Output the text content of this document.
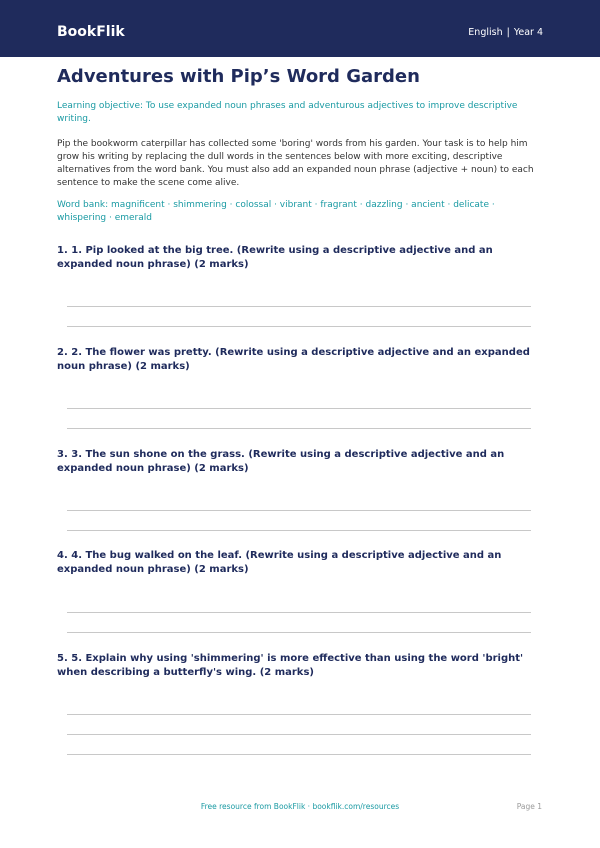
BookFlik	English | Year 4
Adventures with Pip’s Word Garden

Learning objective: To use expanded noun phrases and adventurous adjectives to improve descriptive writing.

Pip the bookworm caterpillar has collected some 'boring' words from his garden. Your task is to help him grow his writing by replacing the dull words in the sentences below with more exciting, descriptive alternatives from the word bank. You must also add an expanded noun phrase (adjective + noun) to each sentence to make the scene come alive.

Word bank: magnificent · shimmering · colossal · vibrant · fragrant · dazzling · ancient · delicate · whispering · emerald

1. 1. Pip looked at the big tree. (Rewrite using a descriptive adjective and an expanded noun phrase) (2 marks)

2. 2. The flower was pretty. (Rewrite using a descriptive adjective and an expanded noun phrase) (2 marks)

3. 3. The sun shone on the grass. (Rewrite using a descriptive adjective and an expanded noun phrase) (2 marks)

4. 4. The bug walked on the leaf. (Rewrite using a descriptive adjective and an expanded noun phrase) (2 marks)

5. 5. Explain why using 'shimmering' is more effective than using the word 'bright' when describing a butterfly's wing. (2 marks)

Free resource from BookFlik · bookflik.com/resources	Page 1
